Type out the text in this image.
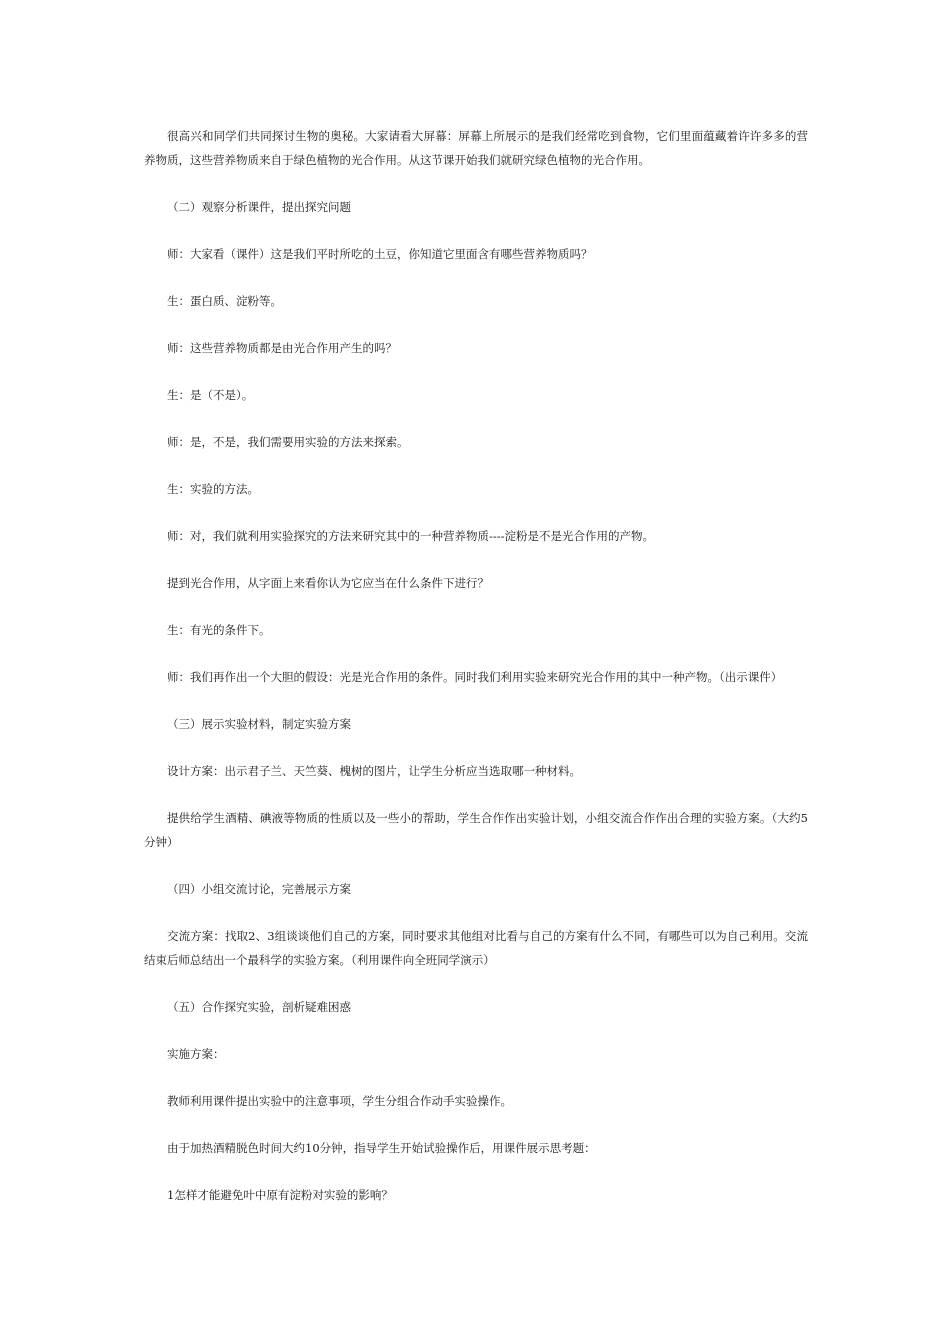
很高兴和同学们共同探讨生物的奥秘。大家请看大屏幕：屏幕上所展示的是我们经常吃到食物，它们里面蕴藏着许许多多的营养物质，这些营养物质来自于绿色植物的光合作用。从这节课开始我们就研究绿色植物的光合作用。

（二）观察分析课件，提出探究问题

师：大家看（课件）这是我们平时所吃的土豆，你知道它里面含有哪些营养物质吗？

生：蛋白质、淀粉等。

师：这些营养物质都是由光合作用产生的吗？

生：是（不是）。

师：是，不是，我们需要用实验的方法来探索。

生：实验的方法。

师：对，我们就利用实验探究的方法来研究其中的一种营养物质----淀粉是不是光合作用的产物。

提到光合作用，从字面上来看你认为它应当在什么条件下进行？

生：有光的条件下。

师：我们再作出一个大胆的假设：光是光合作用的条件。同时我们利用实验来研究光合作用的其中一种产物。（出示课件）

（三）展示实验材料，制定实验方案

设计方案：出示君子兰、天竺葵、槐树的图片，让学生分析应当选取哪一种材料。

提供给学生酒精、碘液等物质的性质以及一些小的帮助，学生合作作出实验计划，小组交流合作作出合理的实验方案。（大约5分钟）

（四）小组交流讨论，完善展示方案

交流方案：找取2、3组谈谈他们自己的方案，同时要求其他组对比看与自己的方案有什么不同，有哪些可以为自己利用。交流结束后师总结出一个最科学的实验方案。（利用课件向全班同学演示）

（五）合作探究实验，剖析疑难困惑

实施方案：

教师利用课件提出实验中的注意事项，学生分组合作动手实验操作。

由于加热酒精脱色时间大约10分钟，指导学生开始试验操作后，用课件展示思考题：

1怎样才能避免叶中原有淀粉对实验的影响？
